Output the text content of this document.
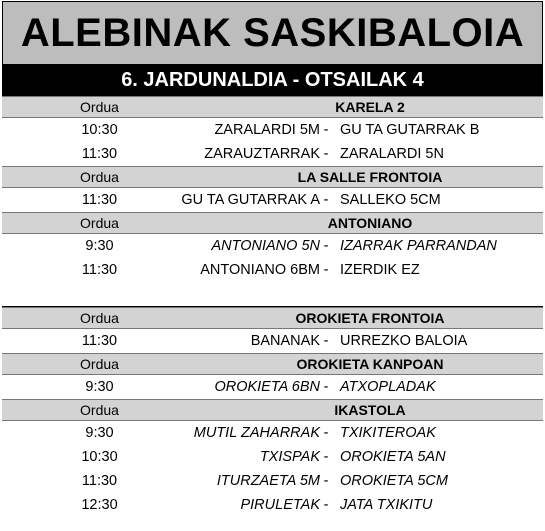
ALEBINAK SASKIBALOIA
6. JARDUNALDIA - OTSAILAK 4
Ordua	KARELA 2
10:30	ZARALARDI 5M - GU TA GUTARRAK B
11:30	ZARAUZTARRAK - ZARALARDI 5N
Ordua	LA SALLE FRONTOIA
11:30	GU TA GUTARRAK A - SALLEKO 5CM
Ordua	ANTONIANO
9:30	ANTONIANO 5N - IZARRAK PARRANDAN
11:30	ANTONIANO 6BM - IZERDIK EZ
Ordua	OROKIETA FRONTOIA
11:30	BANANAK - URREZKO BALOIA
Ordua	OROKIETA KANPOAN
9:30	OROKIETA 6BN - ATXOPLADAK
Ordua	IKASTOLA
9:30	MUTIL ZAHARRAK - TXIKITEROAK
10:30	TXISPAK - OROKIETA 5AN
11:30	ITURZAETA 5M - OROKIETA 5CM
12:30	PIRULETAK - JATA TXIKITU
